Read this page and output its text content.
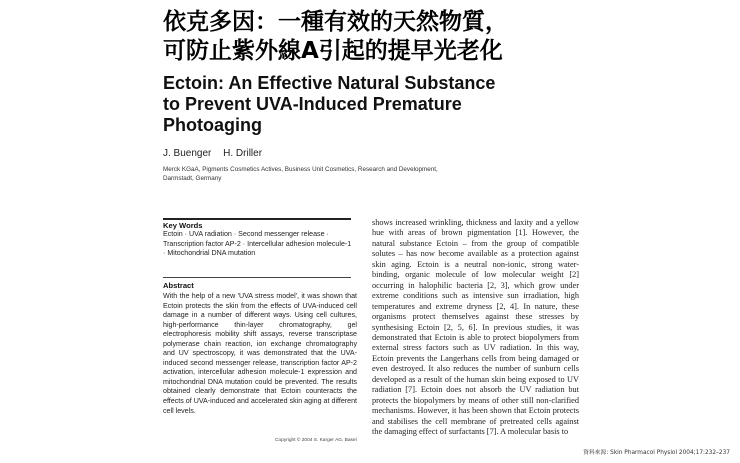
依克多因：一種有效的天然物質，
可防止紫外線A引起的提早光老化
Ectoin: An Effective Natural Substance
to Prevent UVA-Induced Premature
Photoaging
J. Buenger H. Driller
Merck KGaA, Pigments Cosmetics Actives, Business Unit Cosmetics, Research and Development, Darmstadt, Germany
Key Words
Ectoin · UVA radiation · Second messenger release · Transcription factor AP-2 · Intercellular adhesion molecule-1 · Mitochondrial DNA mutation
Abstract

With the help of a new 'UVA stress model', it was shown that Ectoin protects the skin from the effects of UVA-induced cell damage in a number of different ways. Using cell cultures, high-performance thin-layer chromatography, gel electrophoresis mobility shift assays, reverse transcriptase polymerase chain reaction, ion exchange chromatography and UV spectroscopy, it was demonstrated that the UVA-induced second messenger release, transcription factor AP-2 activation, intercellular adhesion molecule-1 expression and mitochondrial DNA mutation could be prevented. The results obtained clearly demonstrate that Ectoin counteracts the effects of UVA-induced and accelerated skin aging at different cell levels.

Copyright © 2004 S. Karger AG, Basel

shows increased wrinkling, thickness and laxity and a yellow hue with areas of brown pigmentation [1]. However, the natural substance Ectoin – from the group of compatible solutes – has now become available as a protection against skin aging. Ectoin is a neutral non-ionic, strong water-binding, organic molecule of low molecular weight [2] occurring in halophilic bacteria [2, 3], which grow under extreme conditions such as intensive sun irradiation, high temperatures and extreme dryness [2, 4]. In nature, these organisms protect themselves against these stresses by synthesising Ectoin [2, 5, 6]. In previous studies, it was demonstrated that Ectoin is able to protect biopolymers from external stress factors such as UV radiation. In this way, Ectoin prevents the Langerhans cells from being damaged or even destroyed. It also reduces the number of sunburn cells developed as a result of the human skin being exposed to UV radiation [7]. Ectoin does not absorb the UV radiation but protects the biopolymers by means of other still non-clarified mechanisms. However, it has been shown that Ectoin protects and stabilises the cell membrane of pretreated cells against the damaging effect of surfactants [7]. A molecular basis to

資料來源: Skin Pharmacol Physiol 2004;17:232–237
